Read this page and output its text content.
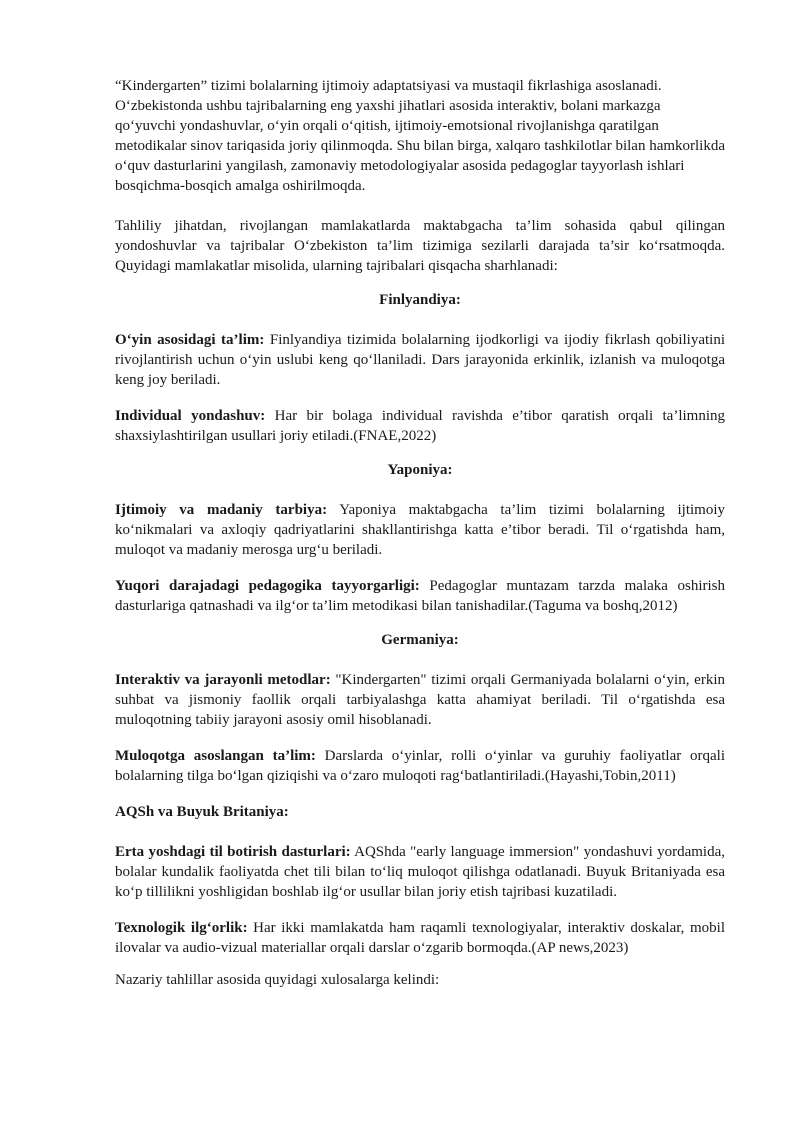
“Kindergarten” tizimi bolalarning ijtimoiy adaptatsiyasi va mustaqil fikrlashiga asoslanadi. O‘zbekistonda ushbu tajribalarning eng yaxshi jihatlari asosida interaktiv, bolani markazga qo‘yuvchi yondashuvlar, o‘yin orqali o‘qitish, ijtimoiy-emotsional rivojlanishga qaratilgan metodikalar sinov tariqasida joriy qilinmoqda. Shu bilan birga, xalqaro tashkilotlar bilan hamkorlikda o‘quv dasturlarini yangilash, zamonaviy metodologiyalar asosida pedagoglar tayyorlash ishlari bosqichma-bosqich amalga oshirilmoqda.

Tahliliy jihatdan, rivojlangan mamlakatlarda maktabgacha ta’lim sohasida qabul qilingan yondoshuvlar va tajribalar O‘zbekiston ta’lim tizimiga sezilarli darajada ta’sir ko‘rsatmoqda. Quyidagi mamlakatlar misolida, ularning tajribalari qisqacha sharhlanadi:

Finlyandiya:

O‘yin asosidagi ta’lim: Finlyandiya tizimida bolalarning ijodkorligi va ijodiy fikrlash qobiliyatini rivojlantirish uchun o‘yin uslubi keng qo‘llaniladi. Dars jarayonida erkinlik, izlanish va muloqotga keng joy beriladi.

Individual yondashuv: Har bir bolaga individual ravishda e’tibor qaratish orqali ta’limning shaxsiylashtirilgan usullari joriy etiladi.(FNAE,2022)

Yaponiya:

Ijtimoiy va madaniy tarbiya: Yaponiya maktabgacha ta’lim tizimi bolalarning ijtimoiy ko‘nikmalari va axloqiy qadriyatlarini shakllantirishga katta e’tibor beradi. Til o‘rgatishda ham, muloqot va madaniy merosga urg‘u beriladi.

Yuqori darajadagi pedagogika tayyorgarligi: Pedagoglar muntazam tarzda malaka oshirish dasturlariga qatnashadi va ilg‘or ta’lim metodikasi bilan tanishadilar.(Taguma va boshq,2012)

Germaniya:

Interaktiv va jarayonli metodlar: "Kindergarten" tizimi orqali Germaniyada bolalarni o‘yin, erkin suhbat va jismoniy faollik orqali tarbiyalashga katta ahamiyat beriladi. Til o‘rgatishda esa muloqotning tabiiy jarayoni asosiy omil hisoblanadi.

Muloqotga asoslangan ta’lim: Darslarda o‘yinlar, rolli o‘yinlar va guruhiy faoliyatlar orqali bolalarning tilga bo‘lgan qiziqishi va o‘zaro muloqoti rag‘batlantiriladi.(Hayashi,Tobin,2011)

AQSh va Buyuk Britaniya:

Erta yoshdagi til botirish dasturlari: AQShda "early language immersion" yondashuvi yordamida, bolalar kundalik faoliyatda chet tili bilan to‘liq muloqot qilishga odatlanadi. Buyuk Britaniyada esa ko‘p tillilikni yoshligidan boshlab ilg‘or usullar bilan joriy etish tajribasi kuzatiladi.

Texnologik ilg‘orlik: Har ikki mamlakatda ham raqamli texnologiyalar, interaktiv doskalar, mobil ilovalar va audio-vizual materiallar orqali darslar o‘zgarib bormoqda.(AP news,2023)

Nazariy tahlillar asosida quyidagi xulosalarga kelindi:
